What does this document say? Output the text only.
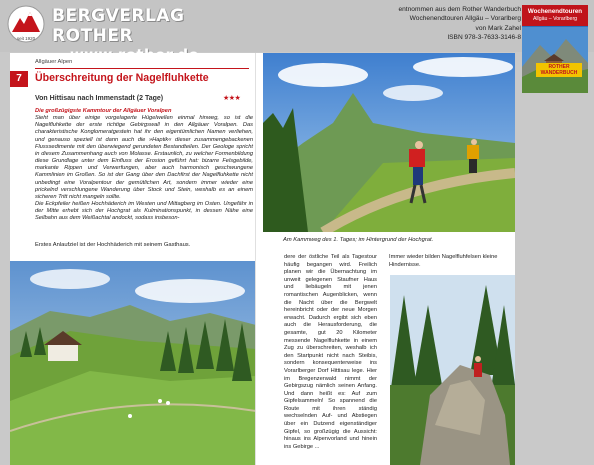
seit 1920
BERGVERLAG ROTHER
entnommen aus dem Rother Wanderbuch
Wochenendtouren Allgäu – Vorarlberg
von Mark Zahel
ISBN 978-3-7633-3146-8
Wochenendtouren
Allgäu – Vorarlberg
ROTHER WANDERBUCH
Allgäuer Alpen
7	Überschreitung der Nagelfluhkette
Von Hittisau nach Immenstadt (2 Tage)	★★★
Die großzügigste Kammtour der Allgäuer Voralpen
Sieht man über einige vorgelagerte Hügelwellen einmal hinweg, so ist die Nagelfluhkette der erste richtige Gebirgswall in den Allgäuer Voralpen. Das charakteristische Konglomeratgestein hat ihr den eigentümlichen Namen verliehen, und genauso speziell ist dann auch die »Haptik« dieser zusammengebackenen Flusssedimente mit den überwiegend gerundeten Bestandteilen. Der Geologe spricht in diesem Zusammenhang auch von Molasse. Erstaunlich, zu welcher Formenbildung diese Grundlage unter dem Einfluss der Erosion geführt hat: bizarre Felsgebilde, markante Rippen und Verwerfungen, aber auch harmonisch geschwungene Kammlinien im Großen. So ist der Gang über den Dachfirst der Nagelfluhkette nicht unbedingt eine Voralpentour der gemütlichen Art, sondern immer wieder eine prickelnd verschlungene Wanderung über Stock und Stein, weshalb es an einem sicheren Tritt nicht mangeln sollte.
Die Eckpfeiler heißen Hochhäderich im Westen und Mittagberg im Osten. Ungefähr in der Mitte erhebt sich der Hochgrat als Kulminationspunkt, in dessen Nähe eine Seilbahn aus dem Weißachtal andockt, sodass insbeson-
Erstes Anlaufziel ist der Hochhäderich mit seinem Gasthaus.
Am Kammweg des 1. Tages; im Hintergrund der Hochgrat.
dere der östliche Teil als Tagestour häufig begangen wird. Freilich planen wir die Übernachtung im unweit gelegenen Staufner Haus und liebäugeln mit jenen romantischen Augenblicken, wenn die Nacht über die Bergwelt hereinbricht oder der neue Morgen erwacht. Dadurch ergibt sich eben auch die Herausforderung, die gesamte, gut 20 Kilometer messende Nagelfluhkette in einem Zug zu überschreiten, weshalb ich den Startpunkt nicht nach Steibis, sondern konsequenterweise ins Vorarlberger Dorf Hittisau lege. Hier im Bregenzerwald nimmt der Gebirgszug nämlich seinen Anfang. Und dann heißt es: Auf zum Gipfelsammeln! So spannend die Route mit ihren ständig wechselnden Auf- und Abstiegen über ein Dutzend eigenständiger Gipfel, so großzügig die Aussicht: hinaus ins Alpenvorland und hinein ins Gebirge ...
Immer wieder bilden Nagelfluhfelsen kleine Hindernisse.
